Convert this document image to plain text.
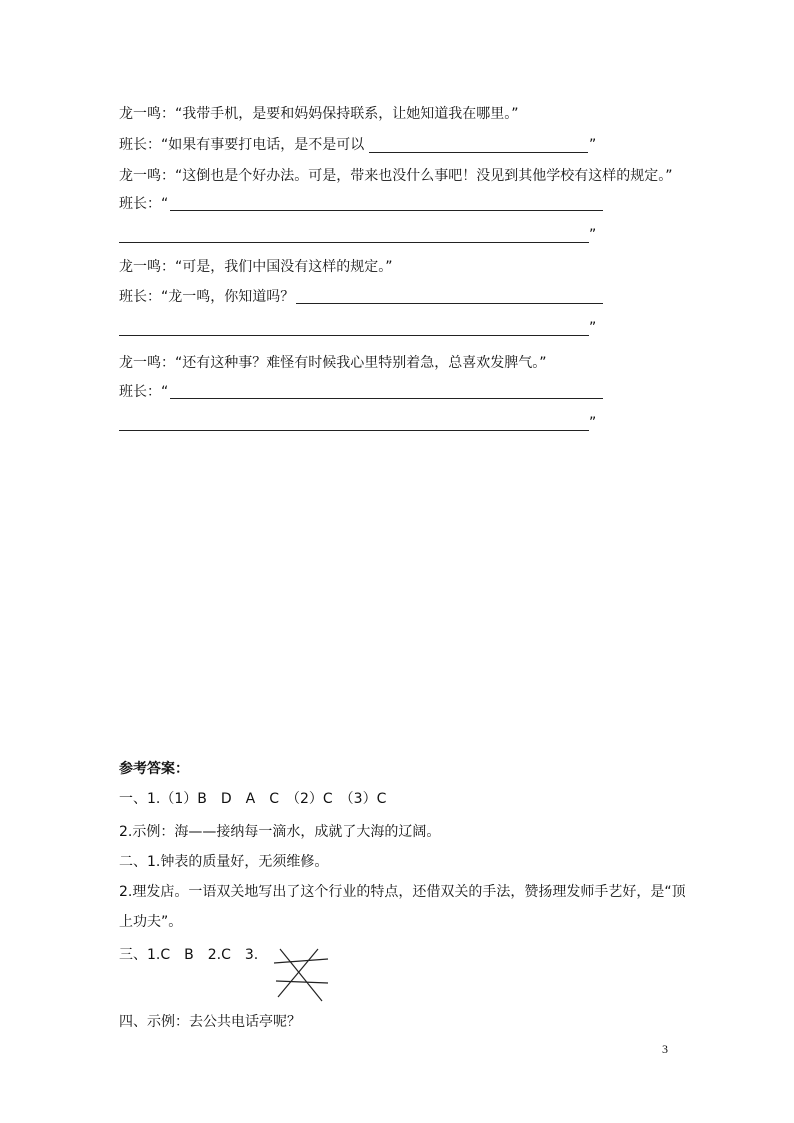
龙一鸣：“我带手机，是要和妈妈保持联系，让她知道我在哪里。”
班长：“如果有事要打电话，是不是可以	”
龙一鸣：“这倒也是个好办法。可是，带来也没什么事吧！没见到其他学校有这样的规定。”
班长：“
”
龙一鸣：“可是，我们中国没有这样的规定。”
班长：“龙一鸣，你知道吗？
”
龙一鸣：“还有这种事？难怪有时候我心里特别着急，总喜欢发脾气。”
班长：“
”
参考答案：
一、1.（1）B　D　A　C　（2）C　（3）C
2.示例：海——接纳每一滴水，成就了大海的辽阔。
二、1.钟表的质量好，无须维修。
2.理发店。一语双关地写出了这个行业的特点，还借双关的手法，赞扬理发师手艺好，是“顶
上功夫”。
三、1.C　B　2.C　3.
四、示例：去公共电话亭呢？
3
